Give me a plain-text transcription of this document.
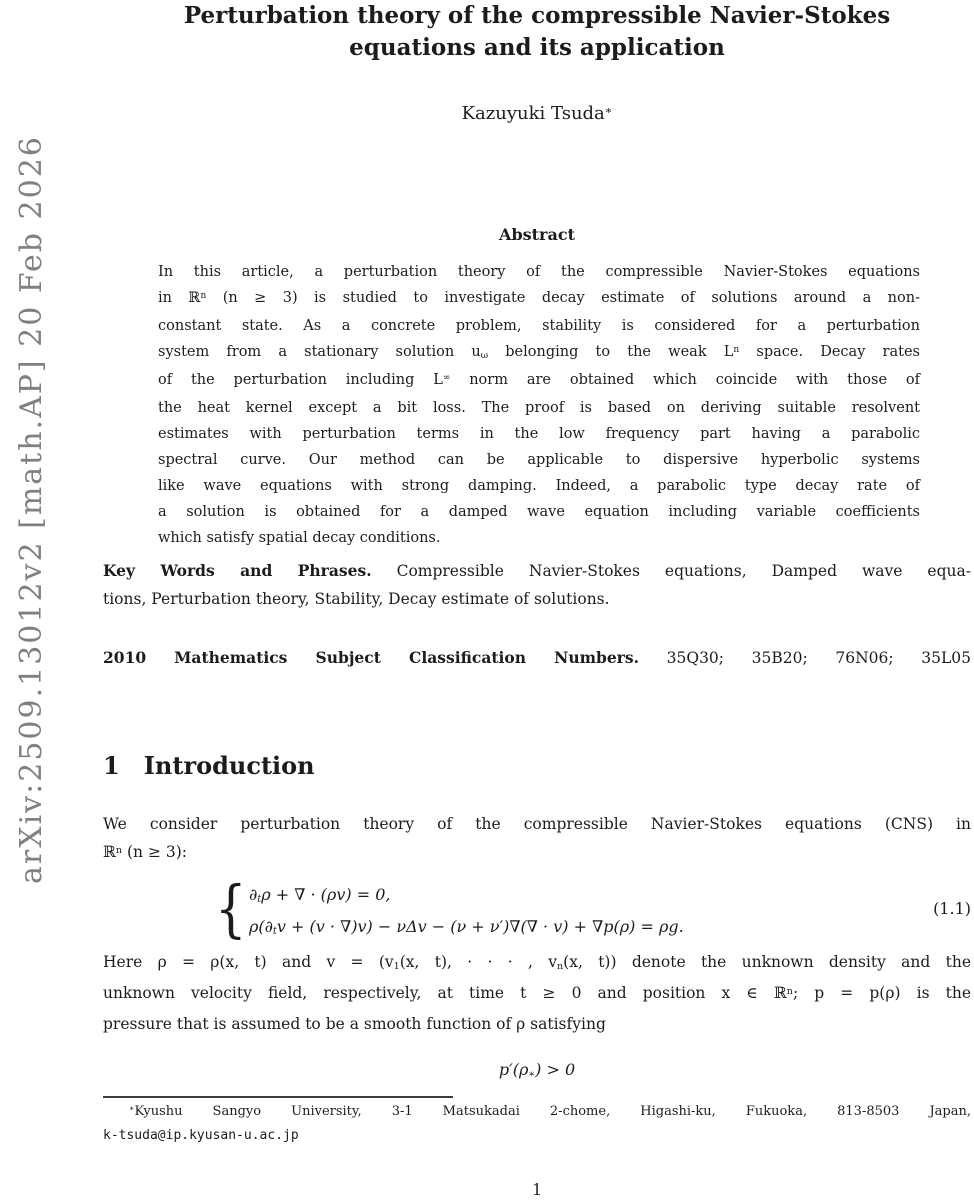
arXiv:2509.13012v2 [math.AP] 20 Feb 2026
Perturbation theory of the compressible Navier-Stokes
equations and its application
Kazuyuki Tsuda∗
Abstract
In this article, a perturbation theory of the compressible Navier-Stokes equations
in ℝ$^n$ (n ≥ 3) is studied to investigate decay estimate of solutions around a non-
constant state. As a concrete problem, stability is considered for a perturbation
system from a stationary solution $u_\omega$ belonging to the weak $L^n$ space. Decay rates
of the perturbation including L∞ norm are obtained which coincide with those of
the heat kernel except a bit loss. The proof is based on deriving suitable resolvent
estimates with perturbation terms in the low frequency part having a parabolic
spectral curve. Our method can be applicable to dispersive hyperbolic systems
like wave equations with strong damping. Indeed, a parabolic type decay rate of
a solution is obtained for a damped wave equation including variable coefficients
which satisfy spatial decay conditions.
Key Words and Phrases. Compressible Navier-Stokes equations, Damped wave equa-
tions, Perturbation theory, Stability, Decay estimate of solutions.
2010 Mathematics Subject Classification Numbers. 35Q30; 35B20; 76N06; 35L05
1 Introduction
We consider perturbation theory of the compressible Navier-Stokes equations (CNS) in
ℝ$^n$ (n ≥ 3):
{ $\partial_t\rho$ + ∇ · (ρv) = 0,
$\rho(\partial_tv + (v \cdot \nabla)v) - \nu\Delta v - (\nu + \nu')\nabla(\nabla \cdot v) + \nabla p(\rho) = \rho g$.
(1.1)
Here ρ = ρ(x, t) and $v = (v_1(x$, t), · · · , $v_n(x$, t)) denote the unknown density and the
unknown velocity field, respectively, at time t ≥ 0 and position x ∈ ℝ$^n$; p = p(ρ) is the
pressure that is assumed to be a smooth function of ρ satisfying
$p'(\rho_∗) > 0$
∗Kyushu Sangyo University, 3-1 Matsukadai 2-chome, Higashi-ku, Fukuoka, 813-8503 Japan,
k-tsuda@ip.kyusan-u.ac.jp
1
